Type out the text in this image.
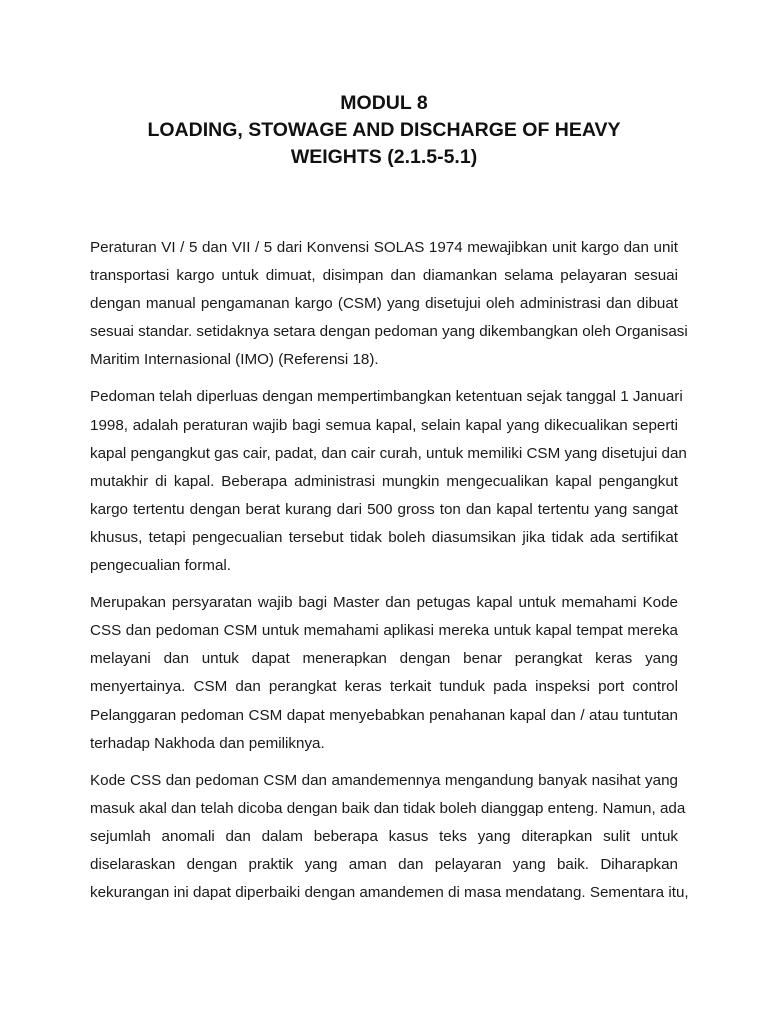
MODUL 8
LOADING, STOWAGE AND DISCHARGE OF HEAVY
WEIGHTS (2.1.5-5.1)
Peraturan VI / 5 dan VII / 5 dari Konvensi SOLAS 1974 mewajibkan unit kargo dan unit
transportasi kargo untuk dimuat, disimpan dan diamankan selama pelayaran sesuai
dengan manual pengamanan kargo (CSM) yang disetujui oleh administrasi dan dibuat
sesuai standar. setidaknya setara dengan pedoman yang dikembangkan oleh Organisasi
Maritim Internasional (IMO) (Referensi 18).
Pedoman telah diperluas dengan mempertimbangkan ketentuan sejak tanggal 1 Januari
1998, adalah peraturan wajib bagi semua kapal, selain kapal yang dikecualikan seperti
kapal pengangkut gas cair, padat, dan cair curah, untuk memiliki CSM yang disetujui dan
mutakhir di kapal. Beberapa administrasi mungkin mengecualikan kapal pengangkut
kargo tertentu dengan berat kurang dari 500 gross ton dan kapal tertentu yang sangat
khusus, tetapi pengecualian tersebut tidak boleh diasumsikan jika tidak ada sertifikat
pengecualian formal.
Merupakan persyaratan wajib bagi Master dan petugas kapal untuk memahami Kode
CSS dan pedoman CSM untuk memahami aplikasi mereka untuk kapal tempat mereka
melayani dan untuk dapat menerapkan dengan benar perangkat keras yang
menyertainya. CSM dan perangkat keras terkait tunduk pada inspeksi port control
Pelanggaran pedoman CSM dapat menyebabkan penahanan kapal dan / atau tuntutan
terhadap Nakhoda dan pemiliknya.
Kode CSS dan pedoman CSM dan amandemennya mengandung banyak nasihat yang
masuk akal dan telah dicoba dengan baik dan tidak boleh dianggap enteng. Namun, ada
sejumlah anomali dan dalam beberapa kasus teks yang diterapkan sulit untuk
diselaraskan dengan praktik yang aman dan pelayaran yang baik. Diharapkan
kekurangan ini dapat diperbaiki dengan amandemen di masa mendatang. Sementara itu,
